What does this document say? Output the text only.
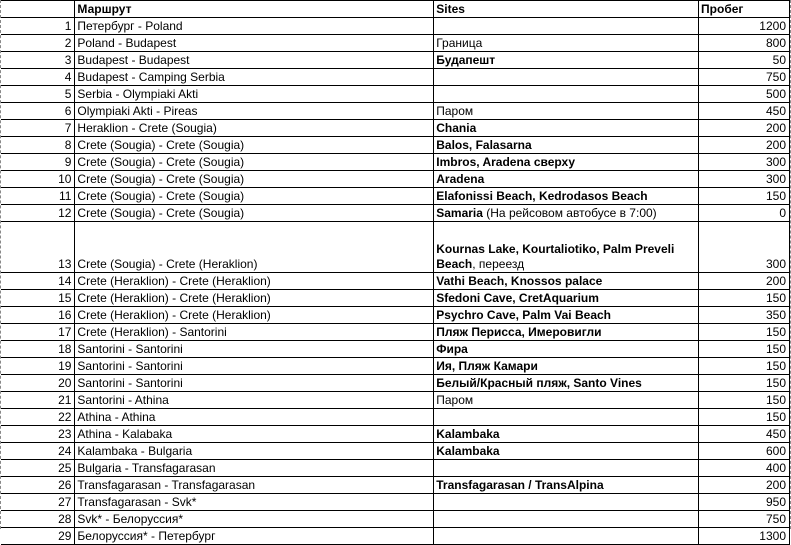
	Маршрут	Sites	Пробег
1	Петербург - Poland		1200
2	Poland - Budapest	Граница	800
3	Budapest - Budapest	Будапешт	50
4	Budapest - Camping Serbia		750
5	Serbia - Olympiaki Akti		500
6	Olympiaki Akti - Pireas	Паром	450
7	Heraklion - Crete (Sougia)	Chania	200
8	Crete (Sougia) - Crete (Sougia)	Balos, Falasarna	200
9	Crete (Sougia) - Crete (Sougia)	Imbros, Aradena сверху	300
10	Crete (Sougia) - Crete (Sougia)	Aradena	300
11	Crete (Sougia) - Crete (Sougia)	Elafonissi Beach, Kedrodasos Beach	150
12	Crete (Sougia) - Crete (Sougia)	Samaria (На рейсовом автобусе в 7:00)	0
13	Crete (Sougia) - Crete (Heraklion)	Kournas Lake, Kourtaliotiko, Palm Preveli Beach, переезд	300
14	Crete (Heraklion) - Crete (Heraklion)	Vathi Beach, Knossos palace	200
15	Crete (Heraklion) - Crete (Heraklion)	Sfedoni Cave, CretAquarium	150
16	Crete (Heraklion) - Crete (Heraklion)	Psychro Cave, Palm Vai Beach	350
17	Crete (Heraklion) - Santorini	Пляж Периcса, Имеровигли	150
18	Santorini - Santorini	Фира	150
19	Santorini - Santorini	Ия, Пляж Камари	150
20	Santorini - Santorini	Белый/Красный пляж, Santo Vines	150
21	Santorini - Athina	Паром	150
22	Athina - Athina		150
23	Athina - Kalabaka	Kalambaka	450
24	Kalambaka - Bulgaria	Kalambaka	600
25	Bulgaria - Transfagarasan		400
26	Transfagarasan - Transfagarasan	Transfagarasan / TransAlpina	200
27	Transfagarasan - Svk*		950
28	Svk* - Белоруссия*		750
29	Белоруссия* - Петербург		1300
